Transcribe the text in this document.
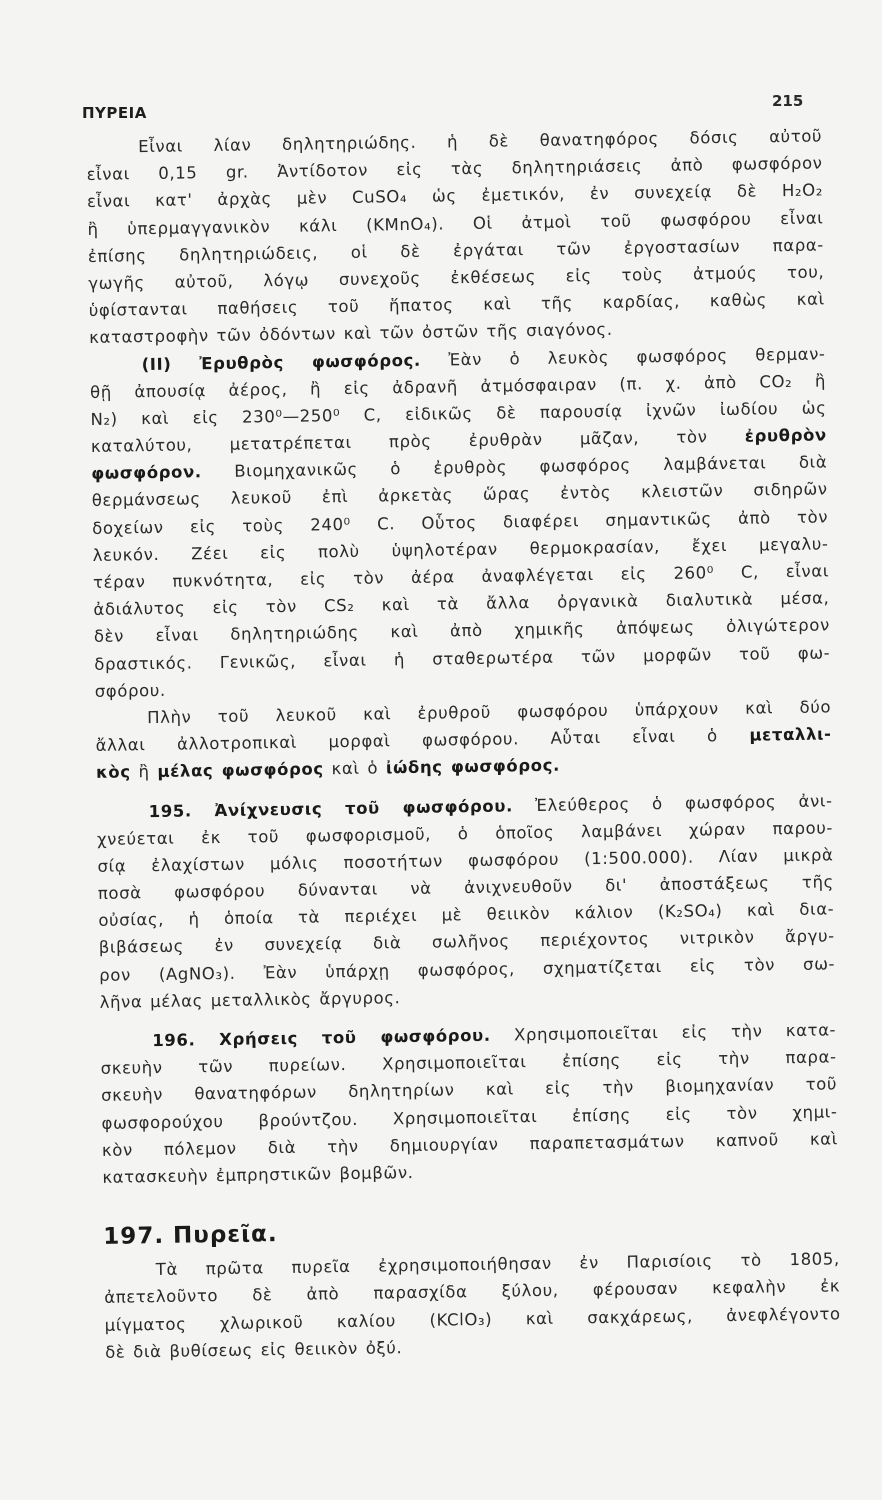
ΠΥΡΕΙΑ
215
Εἶναι λίαν δηλητηριώδης. ἡ δὲ θανατηφόρος δόσις αὐτοῦ
εἶναι 0,15 gr. Ἀντίδοτον εἰς τὰς δηλητηριάσεις ἀπὸ φωσφόρον
εἶναι κατ' ἀρχὰς μὲν CuSO₄ ὡς ἐμετικόν, ἐν συνεχείᾳ δὲ H₂O₂
ἢ ὑπερμαγγανικὸν κάλι (KMnO₄). Οἱ ἀτμοὶ τοῦ φωσφόρου εἶναι
ἐπίσης δηλητηριώδεις, οἱ δὲ ἐργάται τῶν ἐργοστασίων παρα-
γωγῆς αὐτοῦ, λόγῳ συνεχοῦς ἐκθέσεως εἰς τοὺς ἀτμούς του,
ὑφίστανται παθήσεις τοῦ ἥπατος καὶ τῆς καρδίας, καθὼς καὶ
καταστροφὴν τῶν ὀδόντων καὶ τῶν ὀστῶν τῆς σιαγόνος.
(ΙΙ) Ἐρυθρὸς φωσφόρος. Ἐὰν ὁ λευκὸς φωσφόρος θερμαν-
θῇ ἀπουσίᾳ ἀέρος, ἢ εἰς ἀδρανῆ ἀτμόσφαιραν (π. χ. ἀπὸ CO₂ ἢ
N₂) καὶ εἰς 230⁰—250⁰ C, εἰδικῶς δὲ παρουσίᾳ ἰχνῶν ἰωδίου ὡς
καταλύτου, μετατρέπεται πρὸς ἐρυθρὰν μᾶζαν, τὸν ἐρυθρὸν
φωσφόρον. Βιομηχανικῶς ὁ ἐρυθρὸς φωσφόρος λαμβάνεται διὰ
θερμάνσεως λευκοῦ ἐπὶ ἀρκετὰς ὥρας ἐντὸς κλειστῶν σιδηρῶν
δοχείων εἰς τοὺς 240⁰ C. Οὗτος διαφέρει σημαντικῶς ἀπὸ τὸν
λευκόν. Ζέει εἰς πολὺ ὑψηλοτέραν θερμοκρασίαν, ἔχει μεγαλυ-
τέραν πυκνότητα, εἰς τὸν ἀέρα ἀναφλέγεται εἰς 260⁰ C, εἶναι
ἀδιάλυτος εἰς τὸν CS₂ καὶ τὰ ἄλλα ὀργανικὰ διαλυτικὰ μέσα,
δὲν εἶναι δηλητηριώδης καὶ ἀπὸ χημικῆς ἀπόψεως ὀλιγώτερον
δραστικός. Γενικῶς, εἶναι ἡ σταθερωτέρα τῶν μορφῶν τοῦ φω-
σφόρου.
Πλὴν τοῦ λευκοῦ καὶ ἐρυθροῦ φωσφόρου ὑπάρχουν καὶ δύο
ἄλλαι ἀλλοτροπικαὶ μορφαὶ φωσφόρου. Αὗται εἶναι ὁ μεταλλι-
κὸς ἢ μέλας φωσφόρος καὶ ὁ ἰώδης φωσφόρος.
195. Ἀνίχνευσις τοῦ φωσφόρου. Ἐλεύθερος ὁ φωσφόρος ἀνι-
χνεύεται ἐκ τοῦ φωσφορισμοῦ, ὁ ὁποῖος λαμβάνει χώραν παρου-
σίᾳ ἐλαχίστων μόλις ποσοτήτων φωσφόρου (1:500.000). Λίαν μικρὰ
ποσὰ φωσφόρου δύνανται νὰ ἀνιχνευθοῦν δι' ἀποστάξεως τῆς
οὐσίας, ἡ ὁποία τὰ περιέχει μὲ θειικὸν κάλιον (K₂SO₄) καὶ δια-
βιβάσεως ἐν συνεχείᾳ διὰ σωλῆνος περιέχοντος νιτρικὸν ἄργυ-
ρον (AgNO₃). Ἐὰν ὑπάρχῃ φωσφόρος, σχηματίζεται εἰς τὸν σω-
λῆνα μέλας μεταλλικὸς ἄργυρος.
196. Χρήσεις τοῦ φωσφόρου. Χρησιμοποιεῖται εἰς τὴν κατα-
σκευὴν τῶν πυρείων. Χρησιμοποιεῖται ἐπίσης εἰς τὴν παρα-
σκευὴν θανατηφόρων δηλητηρίων καὶ εἰς τὴν βιομηχανίαν τοῦ
φωσφορούχου βρούντζου. Χρησιμοποιεῖται ἐπίσης εἰς τὸν χημι-
κὸν πόλεμον διὰ τὴν δημιουργίαν παραπετασμάτων καπνοῦ καὶ
κατασκευὴν ἐμπρηστικῶν βομβῶν.
197. Πυρεῖα.
Τὰ πρῶτα πυρεῖα ἐχρησιμοποιήθησαν ἐν Παρισίοις τὸ 1805,
ἀπετελοῦντο δὲ ἀπὸ παρασχίδα ξύλου, φέρουσαν κεφαλὴν ἐκ
μίγματος χλωρικοῦ καλίου (KClO₃) καὶ σακχάρεως, ἀνεφλέγοντο
δὲ διὰ βυθίσεως εἰς θειικὸν ὀξύ.
